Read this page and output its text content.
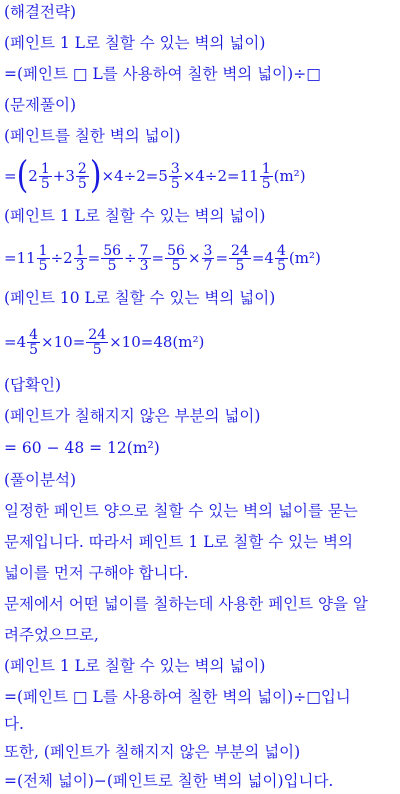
(해결전략)
(페인트 1 L로 칠할 수 있는 벽의 넓이)
=(페인트 □ L를 사용하여 칠한 벽의 넓이)÷□
(문제풀이)
(페인트를 칠한 벽의 넓이)
= ( $2 \frac{1}{5} + 3 \frac{2}{5}$ ) $\times 4\div 2= 5 \frac{3}{5} \times 4\div 2= 11 \frac{1}{5} (m^2)$
(페인트 1 L로 칠할 수 있는 벽의 넓이)
$=11 \frac{1}{5} \div 2 \frac{1}{3} = \frac{56}{5} \div \frac{7}{3} = \frac{56}{5} \times \frac{3}{7} = \frac{24}{5} =4 \frac{4}{5} (m^2)$
(페인트 10 L로 칠할 수 있는 벽의 넓이)
$=4 \frac{4}{5} \times 10= \frac{24}{5} \times 10=48$ (m²)
(답확인)
(페인트가 칠해지지 않은 부분의 넓이)
= 60 − 48 = 12(m²)
(풀이분석)
일정한 페인트 양으로 칠할 수 있는 벽의 넓이를 묻는
문제입니다. 따라서 페인트 1 L로 칠할 수 있는 벽의
넓이를 먼저 구해야 합니다.
문제에서 어떤 넓이를 칠하는데 사용한 페인트 양을 알
려주었으므로,
(페인트 1 L로 칠할 수 있는 벽의 넓이)
=(페인트 □ L를 사용하여 칠한 벽의 넓이)÷□입니
다.
또한, (페인트가 칠해지지 않은 부분의 넓이)
=(전체 넓이)−(페인트로 칠한 벽의 넓이)입니다.
